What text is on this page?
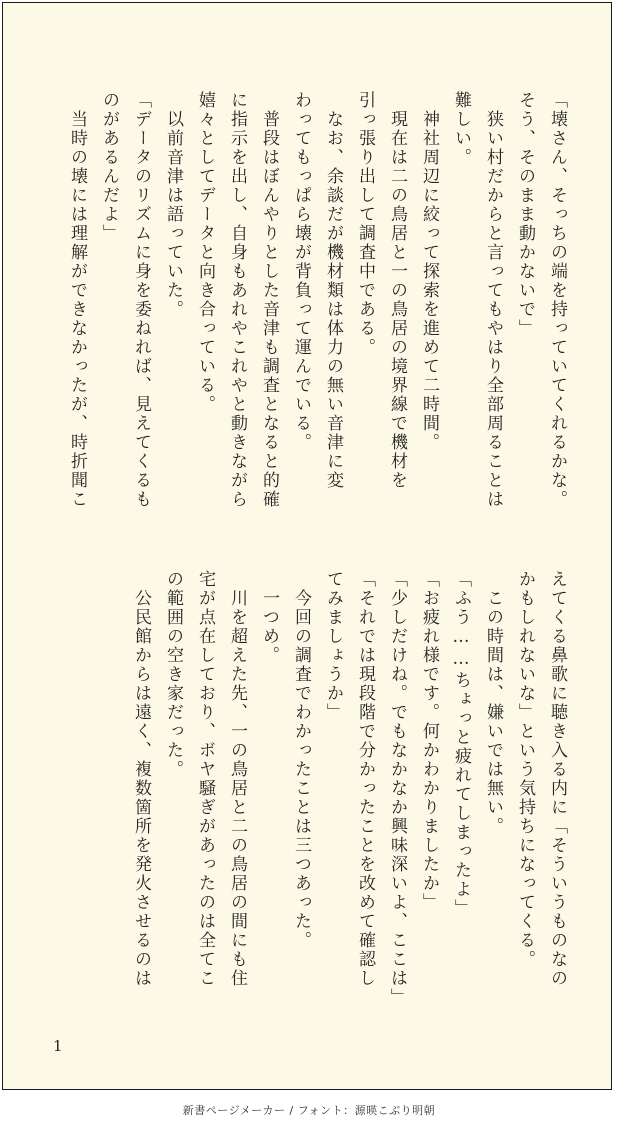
「壊さん、そっちの端を持っていてくれるかな。
そう、そのまま動かないで」
　狭い村だからと言ってもやはり全部周ることは
難しい。
　神社周辺に絞って探索を進めて二時間。
　現在は二の鳥居と一の鳥居の境界線で機材を
引っ張り出して調査中である。
　なお、余談だが機材類は体力の無い音津に変
わってもっぱら壊が背負って運んでいる。
　普段はぼんやりとした音津も調査となると的確
に指示を出し、自身もあれやこれやと動きながら
嬉々としてデータと向き合っている。
　以前音津は語っていた。
「データのリズムに身を委ねれば、見えてくるも
のがあるんだよ」
　当時の壊には理解ができなかったが、時折聞こ
えてくる鼻歌に聴き入る内に「そういうものなの
かもしれないな」という気持ちになってくる。
　この時間は、嫌いでは無い。
「ふう……ちょっと疲れてしまったよ」
「お疲れ様です。何かわかりましたか」
「少しだけね。でもなかなか興味深いよ、ここは」
「それでは現段階で分かったことを改めて確認し
てみましょうか」
　今回の調査でわかったことは三つあった。
　一つめ。
　川を超えた先、一の鳥居と二の鳥居の間にも住
宅が点在しており、ボヤ騒ぎがあったのは全てこ
の範囲の空き家だった。
　公民館からは遠く、複数箇所を発火させるのは
1
新書ページメーカー / フォント：源暎こぶり明朝
